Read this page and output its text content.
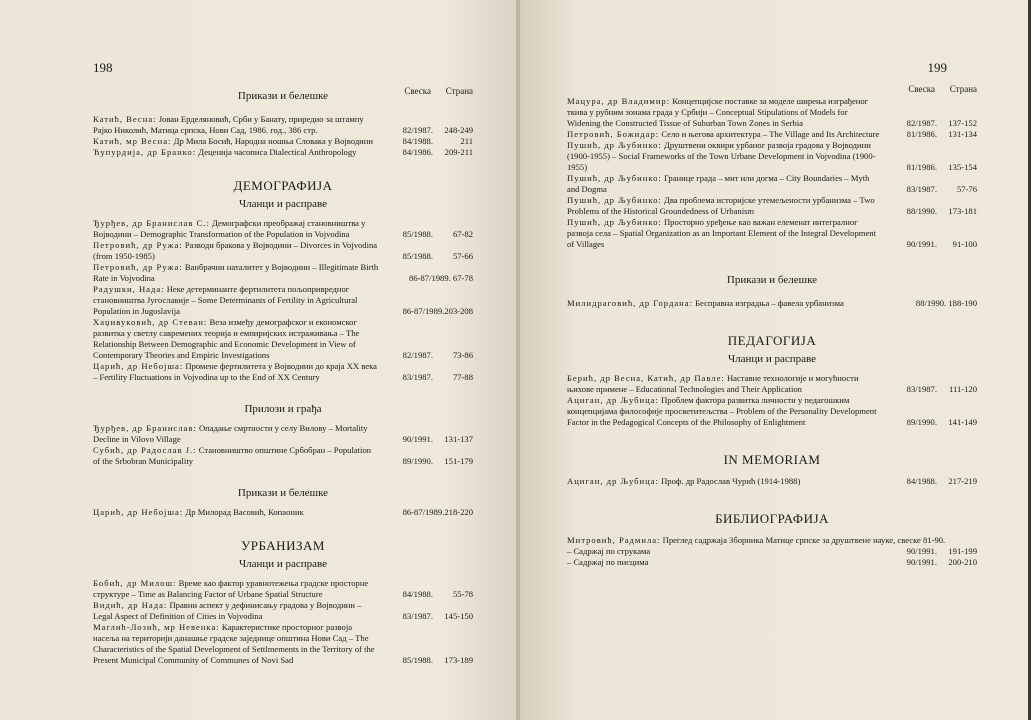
198
Прикази и белешке	Свеска Страна
Катић, Весна: Јован Ерделяновић, Срби у Банату, приредио за штампу Рајко Николић, Матица српска, Нови Сад, 1986. год., 386 стр.	82/1987. 248-249
Катић, мр Весна: Др Мила Босић, Народна ношња Словака у Војводини	84/1988.	211
Ћупурдија, др Бранко: Деценија часописа Dialectical Anthropology	84/1986. 209-211
ДЕМОГРАФИЈА
Чланци и расправе
Ђурђев, др Бранислав С.: Демографски преображај становништва у Војводини – Demographic Transformation of the Population in Vojvodina	85/1988. 67-82
Петровић, др Ружа: Разводи бракова у Војводини – Divorces in Vojvodina (from 1950-1985)	85/1988. 57-66
Петровић, др Ружа: Ванбрачни наталитет у Војводини – Illegitimate Birth Rate in Vojvodina	86-87/1989. 67-78
Радушки, Нада: Неке детерминанте фертилитета пољопривредног становништва Југославије – Some Determinants of Fertility in Agricultural Population in Jugoslavija	86-87/1989.203-208
Хаџивуковић, др Стеван: Веза између демографског и економског развитка у светлу савремених теорија и емпиријских истраживања – The Relationship Between Demographic and Economic Development in View of Contemporary Theories and Empiric Investigations	82/1987. 73-86
Царић, др Небојша: Промене фертилитета у Војводини до краја XX века – Fertility Fluctuations in Vojvodina up to the End of XX Century	83/1987. 77-88
Прилози и грађа
Ђурђев, др Бранислав: Опадање смртности у селу Вилову – Mortality Decline in Vilovo Village	90/1991. 131-137
Субић, др Радослав Ј.: Становништво општине Србобран – Population of the Srbobran Municipality	89/1990. 151-179
Прикази и белешке
Царић, др Небојша: Др Милорад Васовић, Копаоник	86-87/1989.218-220
УРБАНИЗАМ
Чланци и расправе
Бобић, др Милош: Време као фактор уравнотежења градске просторне структуре – Time as Balancing Factor of Urbane Spatial Structure	84/1988. 55-78
Видић, др Нада: Правни аспект у дефинисању градова у Војводини – Legal Aspect of Definition of Cities in Vojvodina	83/1987. 145-150
Маглић-Лозић, мр Невенка: Карактеристике просторног развоја насеља на територији данашње градске заједнице општина Нови Сад – The Characteristics of the Spatial Development of Settlmements in the Territory of the Present Municipal Community of Communes of Novi Sad	85/1988. 173-189
199
Свеска Страна
Мацура, др Владимир: Концепцијске поставке за моделе ширења изграђеног ткива у рубним зонама града у Србији – Conceptual Stipulations of Models for Widening the Constructed Tissue of Suburban Town Zones in Serbia	82/1987. 137-152
Петровић, Божидар: Село и његова архитектура – The Village and Its Architecture	81/1986. 131-134
Пушић, др Љубинко: Друштвени оквири урбаног развоја градова у Војводини (1900-1955) – Social Frameworks of the Town Urbane Development in Vojvodina (1900-1955)	81/1986. 135-154
Пушић, др Љубинко: Границе града – мит или догма – City Boundaries – Myth and Dogma	83/1987. 57-76
Пушић, др Љубинко: Два проблема историјске утемељености урбанизма – Two Problems of the Historical Groundedness of Urbanism	88/1990. 173-181
Пушић, др Љубинко: Просторно уређење као важан елеменат интегралног развоја села – Spatial Organization as an Important Element of the Integral Development of Villages	90/1991. 91-100
Прикази и белешке
Милидраговић, др Гордана: Бесправна изградња – фавела урбанизма	88/1990. 188-190
ПЕДАГОГИЈА
Чланци и расправе
Берић, др Весна, Катић, др Павле: Наставне технологије и могућности њихове примене – Educational Technologies and Their Application	83/1987. 111-120
Ациган, др Љубица: Проблем фактора развитка личности у педагошким концепцијама философије просветитељства – Problem of the Personality Development Factor in the Pedagogical Concepts of the Philosophy of Enlightment	89/1990. 141-149
IN MEMORIAM
Ациган, др Љубица: Проф. др Радослав Чурић (1914-1988)	84/1988. 217-219
БИБЛИОГРАФИЈА
Митровић, Радмила: Преглед садржаја Зборника Матице српске за друштвене науке, свеске 81-90.
– Садржај по струкама	90/1991. 191-199
– Садржај по писцима	90/1991. 200-210
